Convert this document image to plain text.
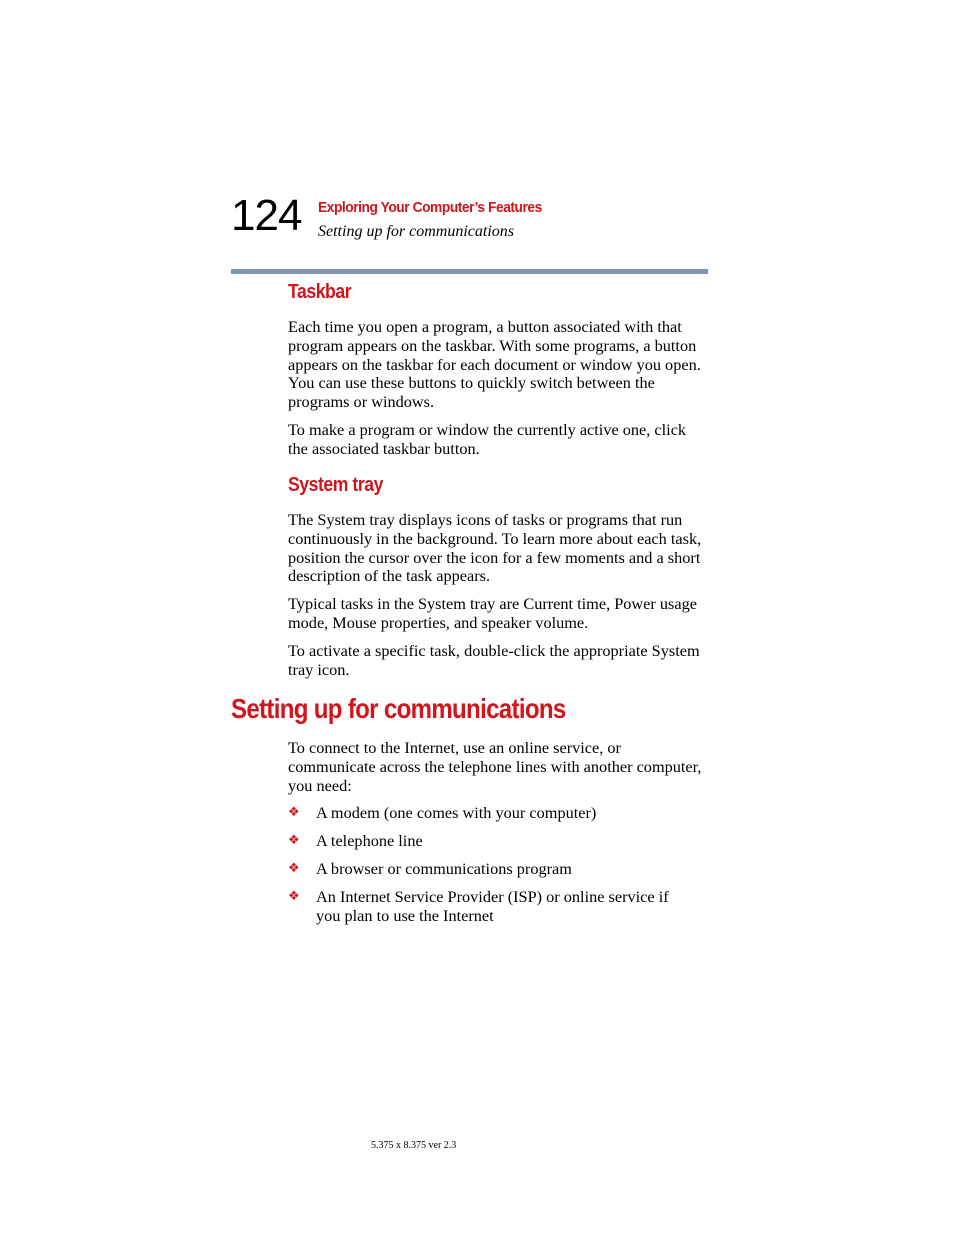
124 Exploring Your Computer’s Features
Setting up for communications
Taskbar

Each time you open a program, a button associated with that program appears on the taskbar. With some programs, a button appears on the taskbar for each document or window you open. You can use these buttons to quickly switch between the programs or windows.

To make a program or window the currently active one, click the associated taskbar button.

System tray

The System tray displays icons of tasks or programs that run continuously in the background. To learn more about each task, position the cursor over the icon for a few moments and a short description of the task appears.

Typical tasks in the System tray are Current time, Power usage mode, Mouse properties, and speaker volume.

To activate a specific task, double-click the appropriate System tray icon.

Setting up for communications

To connect to the Internet, use an online service, or communicate across the telephone lines with another computer, you need:

❖ A modem (one comes with your computer)
❖ A telephone line
❖ A browser or communications program
❖ An Internet Service Provider (ISP) or online service if you plan to use the Internet
5.375 x 8.375 ver 2.3
